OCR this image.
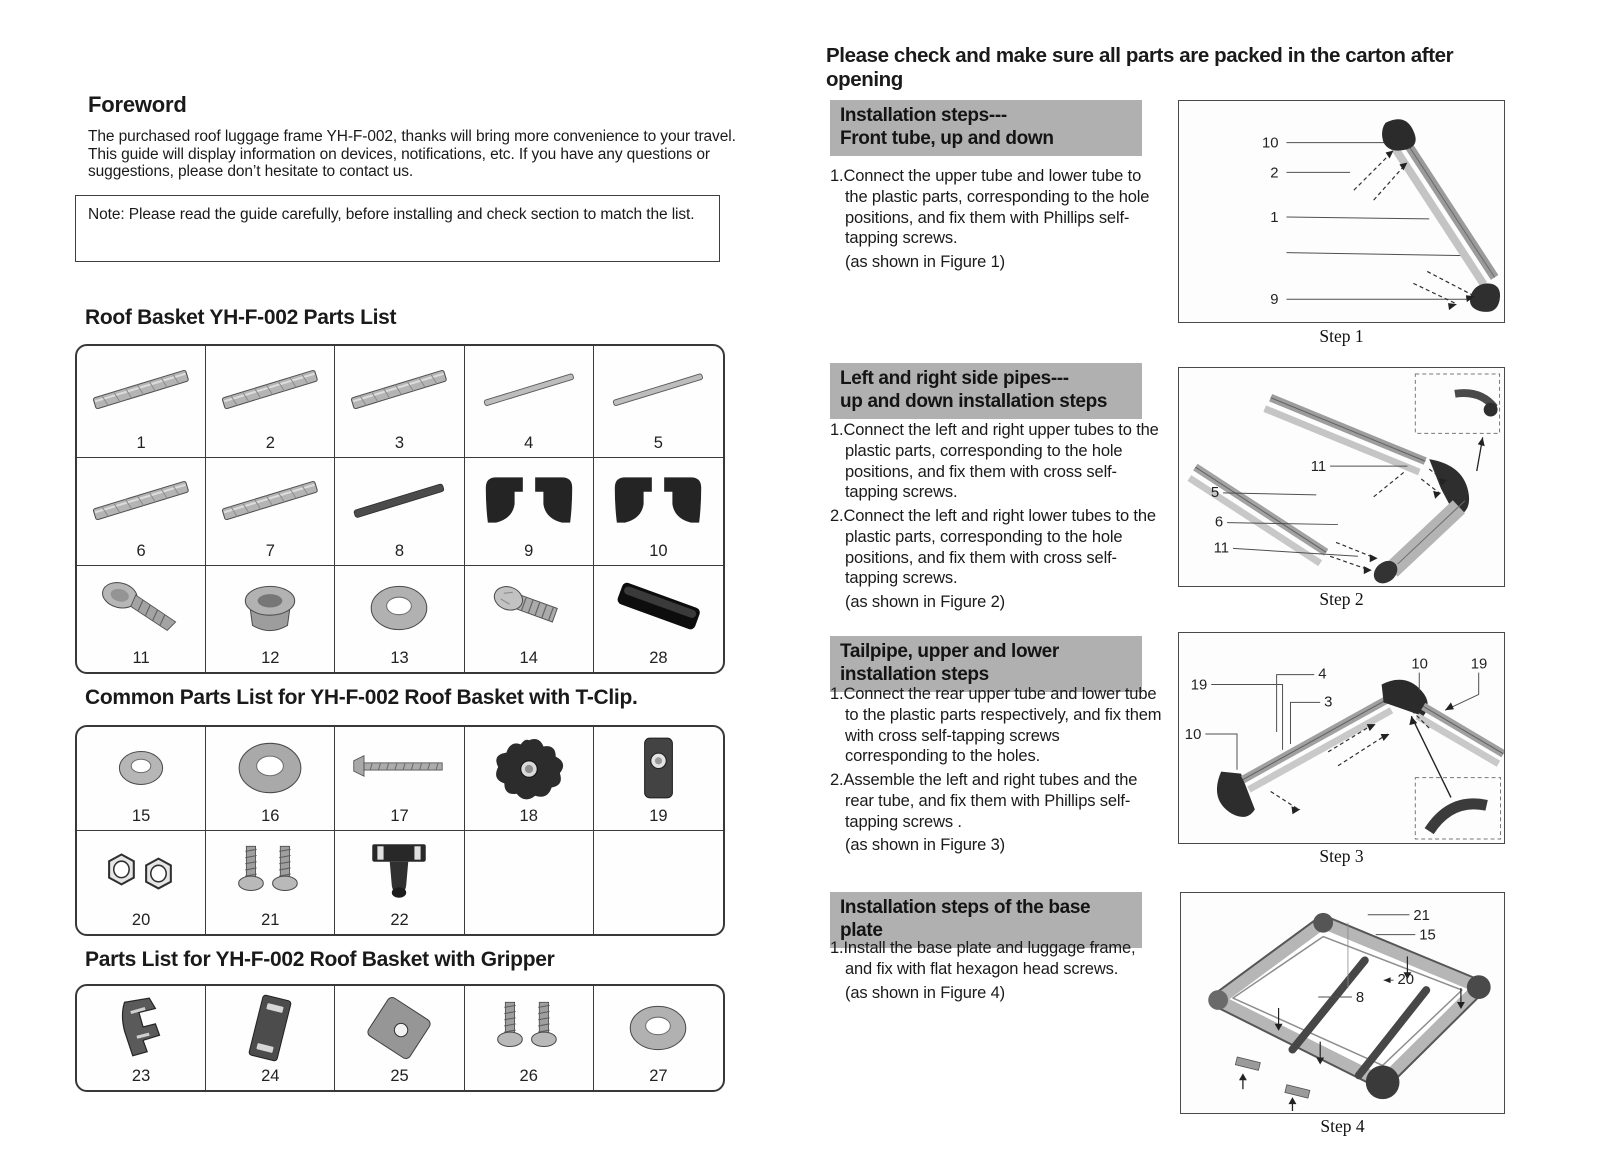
Foreword
The purchased roof luggage frame YH-F-002, thanks will bring more convenience to your travel. This guide will display information on devices, notifications, etc. If you have any questions or suggestions, please don’t hesitate to contact us.
Note: Please read the guide carefully, before installing and check section to match the list.
Roof Basket YH-F-002 Parts List
1	2	3	4	5
6	7	8	9	10
11	12	13	14	28
Common Parts List for YH-F-002 Roof Basket with T-Clip.
15	16	17	18	19
20	21	22
Parts List for YH-F-002 Roof Basket with Gripper
23	24	25	26	27
Please check and make sure all parts are packed in the carton after opening
Installation steps---
Front tube, up and down

1.Connect the upper tube and lower tube to the plastic parts, corresponding to the hole positions, and fix them with Phillips self-tapping screws.

(as shown in Figure 1)

10
2
1
9
Step 1
Left and right side pipes---
up and down installation steps

1.Connect the left and right upper tubes to the plastic parts, corresponding to the hole positions, and fix them with cross self-tapping screws.

2.Connect the left and right lower tubes to the plastic parts, corresponding to the hole positions, and fix them with cross self-tapping screws.

(as shown in Figure 2)

11
5
6
11
Step 2
Tailpipe, upper and lower
installation steps

1.Connect the rear upper tube and lower tube to the plastic parts respectively, and fix them with cross self-tapping screws corresponding to the holes.

2.Assemble the left and right tubes and the rear tube, and fix them with Phillips self-tapping screws .

(as shown in Figure 3)

19
10
4
3
10	19
Step 3
Installation steps of the base plate

1.Install the base plate and luggage frame, and fix with flat hexagon head screws.

(as shown in Figure 4)

21
15
20
8
Step 4
